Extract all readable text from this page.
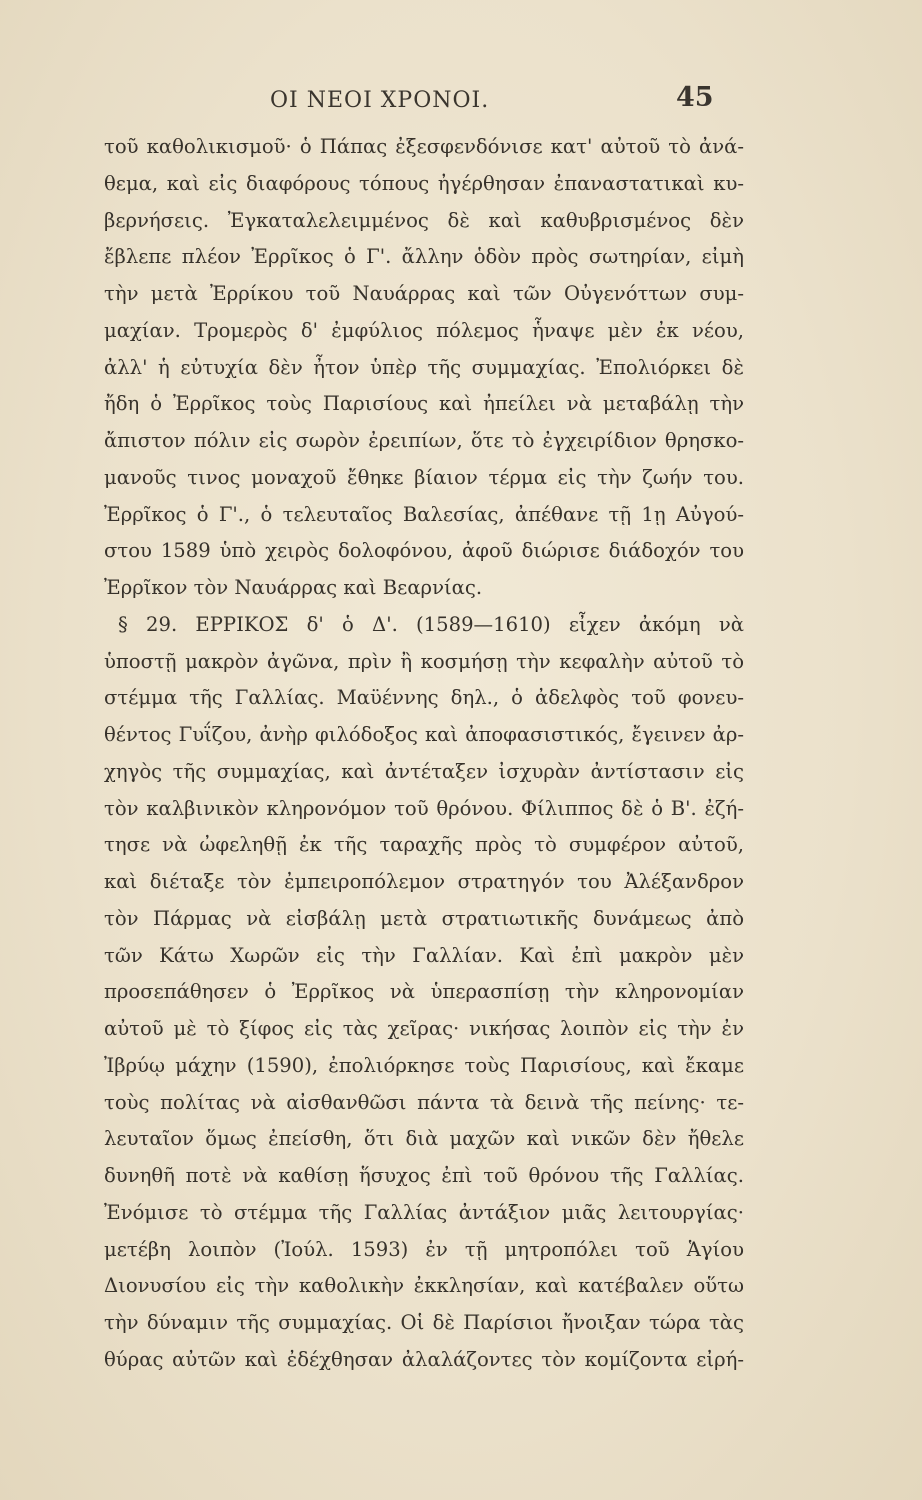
ΟΙ ΝΕΟΙ ΧΡΟΝΟΙ.	45
τοῦ καθολικισμοῦ· ὁ Πάπας ἐξεσφενδόνισε κατ' αὐτοῦ τὸ ἀνά-
θεμα, καὶ εἰς διαφόρους τόπους ἠγέρθησαν ἐπαναστατικαὶ κυ-
βερνήσεις. Ἐγκαταλελειμμένος δὲ καὶ καθυβρισμένος δὲν
ἔβλεπε πλέον Ἐρρῖκος ὁ Γ'. ἄλλην ὁδὸν πρὸς σωτηρίαν, εἰμὴ
τὴν μετὰ Ἐρρίκου τοῦ Ναυάρρας καὶ τῶν Οὐγενόττων συμ-
μαχίαν. Τρομερὸς δ' ἐμφύλιος πόλεμος ἧναψε μὲν ἐκ νέου,
ἀλλ' ἡ εὐτυχία δὲν ἦτον ὑπὲρ τῆς συμμαχίας. Ἐπολιόρκει δὲ
ἤδη ὁ Ἐρρῖκος τοὺς Παρισίους καὶ ἠπείλει νὰ μεταβάλῃ τὴν
ἄπιστον πόλιν εἰς σωρὸν ἐρειπίων, ὅτε τὸ ἐγχειρίδιον θρησκο-
μανοῦς τινος μοναχοῦ ἔθηκε βίαιον τέρμα εἰς τὴν ζωήν του.
Ἐρρῖκος ὁ Γ'., ὁ τελευταῖος Βαλεσίας, ἀπέθανε τῇ 1ῃ Αὐγού-
στου 1589 ὑπὸ χειρὸς δολοφόνου, ἀφοῦ διώρισε διάδοχόν του
Ἐρρῖκον τὸν Ναυάρρας καὶ Βεαρνίας.
§ 29. ΕΡΡΙΚΟΣ δ' ὁ Δ'. (1589—1610) εἶχεν ἀκόμη νὰ
ὑποστῇ μακρὸν ἀγῶνα, πρὶν ἢ κοσμήσῃ τὴν κεφαλὴν αὐτοῦ τὸ
στέμμα τῆς Γαλλίας. Μαϋέννης δηλ., ὁ ἀδελφὸς τοῦ φονευ-
θέντος Γυΐζου, ἀνὴρ φιλόδοξος καὶ ἀποφασιστικός, ἔγεινεν ἀρ-
χηγὸς τῆς συμμαχίας, καὶ ἀντέταξεν ἰσχυρὰν ἀντίστασιν εἰς
τὸν καλβινικὸν κληρονόμον τοῦ θρόνου. Φίλιππος δὲ ὁ Β'. ἐζή-
τησε νὰ ὠφεληθῇ ἐκ τῆς ταραχῆς πρὸς τὸ συμφέρον αὐτοῦ,
καὶ διέταξε τὸν ἐμπειροπόλεμον στρατηγόν του Ἀλέξανδρον
τὸν Πάρμας νὰ εἰσβάλῃ μετὰ στρατιωτικῆς δυνάμεως ἀπὸ
τῶν Κάτω Χωρῶν εἰς τὴν Γαλλίαν. Καὶ ἐπὶ μακρὸν μὲν
προσεπάθησεν ὁ Ἐρρῖκος νὰ ὑπερασπίσῃ τὴν κληρονομίαν
αὐτοῦ μὲ τὸ ξίφος εἰς τὰς χεῖρας· νικήσας λοιπὸν εἰς τὴν ἐν
Ἰβρύῳ μάχην (1590), ἐπολιόρκησε τοὺς Παρισίους, καὶ ἔκαμε
τοὺς πολίτας νὰ αἰσθανθῶσι πάντα τὰ δεινὰ τῆς πείνης· τε-
λευταῖον ὅμως ἐπείσθη, ὅτι διὰ μαχῶν καὶ νικῶν δὲν ἤθελε
δυνηθῆ ποτὲ νὰ καθίσῃ ἥσυχος ἐπὶ τοῦ θρόνου τῆς Γαλλίας.
Ἐνόμισε τὸ στέμμα τῆς Γαλλίας ἀντάξιον μιᾶς λειτουργίας·
μετέβη λοιπὸν (Ἰούλ. 1593) ἐν τῇ μητροπόλει τοῦ Ἁγίου
Διονυσίου εἰς τὴν καθολικὴν ἐκκλησίαν, καὶ κατέβαλεν οὕτω
τὴν δύναμιν τῆς συμμαχίας. Οἱ δὲ Παρίσιοι ἤνοιξαν τώρα τὰς
θύρας αὐτῶν καὶ ἐδέχθησαν ἀλαλάζοντες τὸν κομίζοντα εἰρή-
